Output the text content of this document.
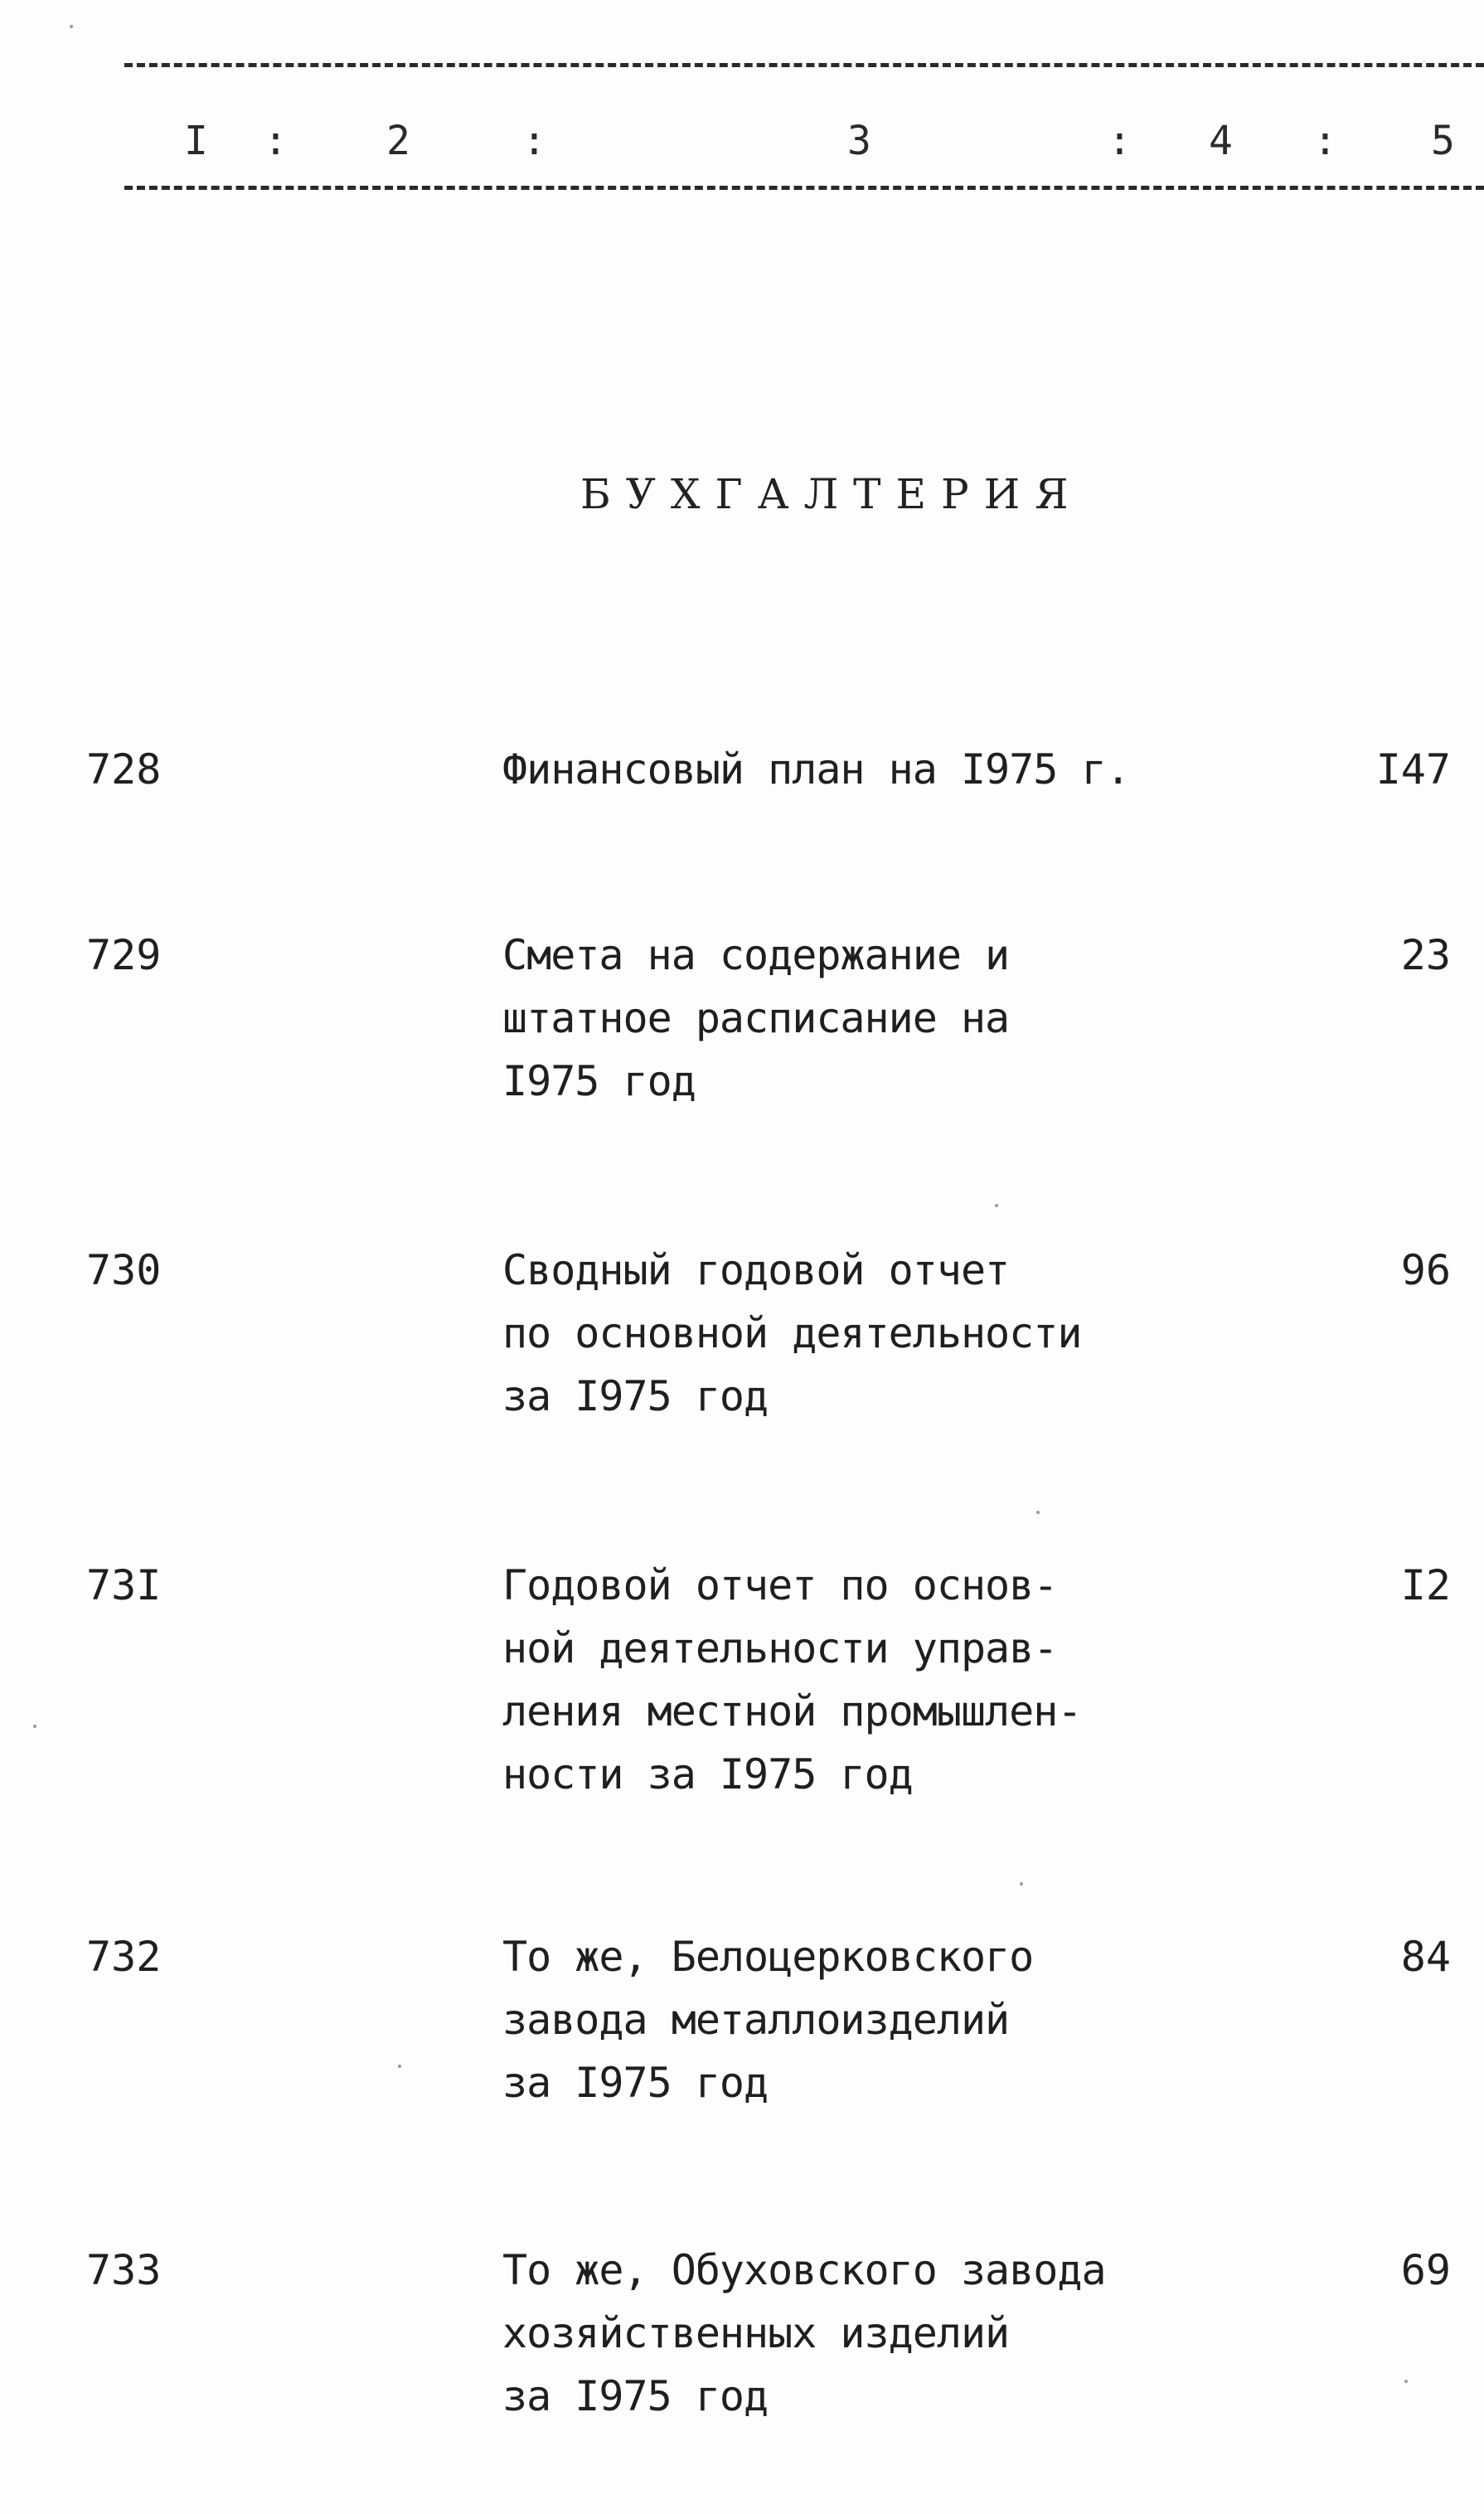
I : 2	:	3	: 4 : 5
БУХГАЛТЕРИЯ
728	Финансовый план на I975 г.	I47
729	Смета на содержание и
штатное расписание на
I975 год
23
730	Сводный годовой отчет
по основной деятельности
за I975 год
96
73I	Годовой отчет по основ-
ной деятельности управ-
ления местной промышлен-
ности за I975 год
I2
732	То же, Белоцерковского
завода металлоизделий
за I975 год
84
733	То же, Обуховского завода
хозяйственных изделий
за I975 год
69
